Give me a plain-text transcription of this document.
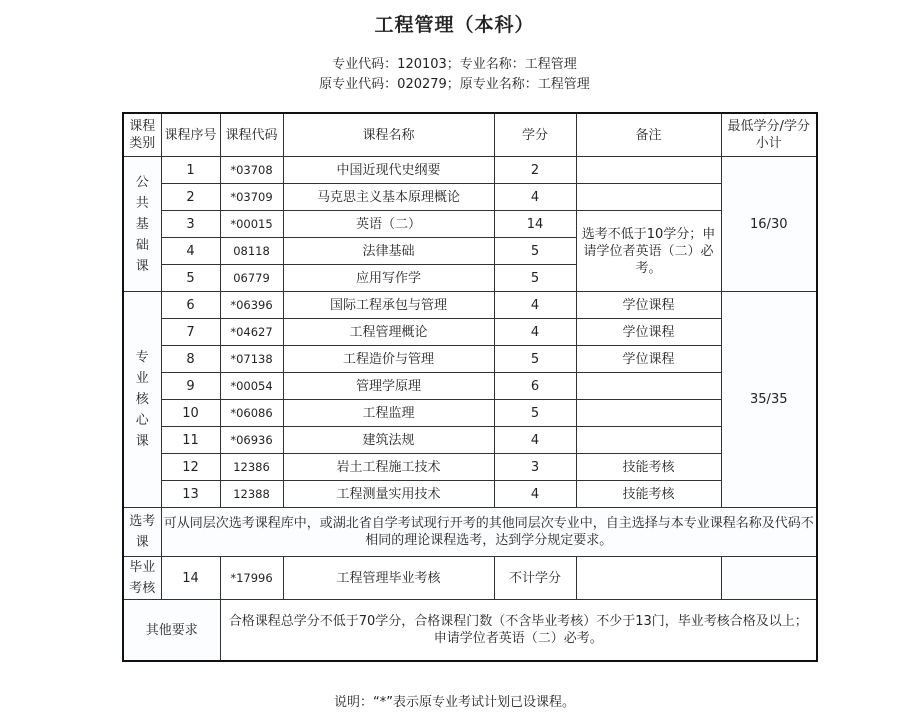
工程管理（本科）
专业代码：120103；专业名称：工程管理
原专业代码：020279；原专业名称：工程管理
课程类别	课程序号	课程代码	课程名称	学分	备注	最低学分/学分小计
公共基础课	1	*03708	中国近现代史纲要	2		16/30
	2	*03709	马克思主义基本原理概论	4		
	3	*00015	英语（二）	14	选考不低于10学分；申请学位者英语（二）必考。	
	4	08118	法律基础	5		
	5	06779	应用写作学	5		
专业核心课	6	*06396	国际工程承包与管理	4	学位课程	35/35
	7	*04627	工程管理概论	4	学位课程	
	8	*07138	工程造价与管理	5	学位课程	
	9	*00054	管理学原理	6		
	10	*06086	工程监理	5		
	11	*06936	建筑法规	4		
	12	12386	岩土工程施工技术	3	技能考核	
	13	12388	工程测量实用技术	4	技能考核	
选考课	可从同层次选考课程库中，或湖北省自学考试现行开考的其他同层次专业中，自主选择与本专业课程名称及代码不相同的理论课程选考，达到学分规定要求。					
毕业考核	14	*17996	工程管理毕业考核	不计学分		
其他要求		合格课程总学分不低于70学分，合格课程门数（不含毕业考核）不少于13门，毕业考核合格及以上；申请学位者英语（二）必考。				
说明：“*”表示原专业考试计划已设课程。
